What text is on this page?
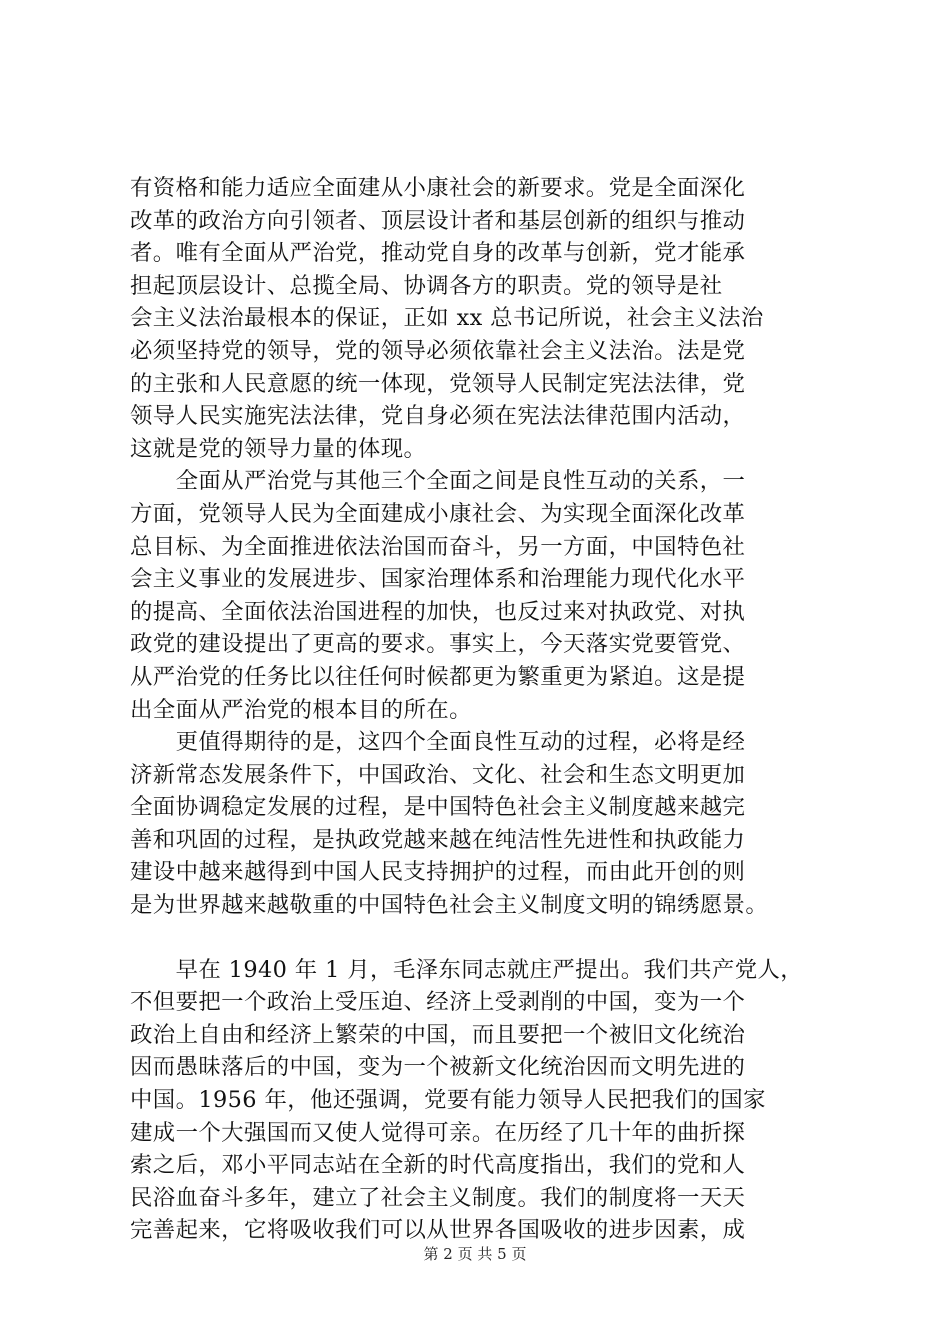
有资格和能力适应全面建从小康社会的新要求。党是全面深化
改革的政治方向引领者、顶层设计者和基层创新的组织与推动
者。唯有全面从严治党，推动党自身的改革与创新，党才能承
担起顶层设计、总揽全局、协调各方的职责。党的领导是社
会主义法治最根本的保证，正如 xx 总书记所说，社会主义法治
必须坚持党的领导，党的领导必须依靠社会主义法治。法是党
的主张和人民意愿的统一体现，党领导人民制定宪法法律，党
领导人民实施宪法法律，党自身必须在宪法法律范围内活动，
这就是党的领导力量的体现。
　　全面从严治党与其他三个全面之间是良性互动的关系，一
方面，党领导人民为全面建成小康社会、为实现全面深化改革
总目标、为全面推进依法治国而奋斗，另一方面，中国特色社
会主义事业的发展进步、国家治理体系和治理能力现代化水平
的提高、全面依法治国进程的加快，也反过来对执政党、对执
政党的建设提出了更高的要求。事实上，今天落实党要管党、
从严治党的任务比以往任何时候都更为繁重更为紧迫。这是提
出全面从严治党的根本目的所在。
　　更值得期待的是，这四个全面良性互动的过程，必将是经
济新常态发展条件下，中国政治、文化、社会和生态文明更加
全面协调稳定发展的过程，是中国特色社会主义制度越来越完
善和巩固的过程，是执政党越来越在纯洁性先进性和执政能力
建设中越来越得到中国人民支持拥护的过程，而由此开创的则
是为世界越来越敬重的中国特色社会主义制度文明的锦绣愿景。
　　早在 1940 年 1 月，毛泽东同志就庄严提出。我们共产党人，
不但要把一个政治上受压迫、经济上受剥削的中国，变为一个
政治上自由和经济上繁荣的中国，而且要把一个被旧文化统治
因而愚昧落后的中国，变为一个被新文化统治因而文明先进的
中国。1956 年，他还强调，党要有能力领导人民把我们的国家
建成一个大强国而又使人觉得可亲。在历经了几十年的曲折探
索之后，邓小平同志站在全新的时代高度指出，我们的党和人
民浴血奋斗多年，建立了社会主义制度。我们的制度将一天天
完善起来，它将吸收我们可以从世界各国吸收的进步因素，成
第 2 页 共 5 页
